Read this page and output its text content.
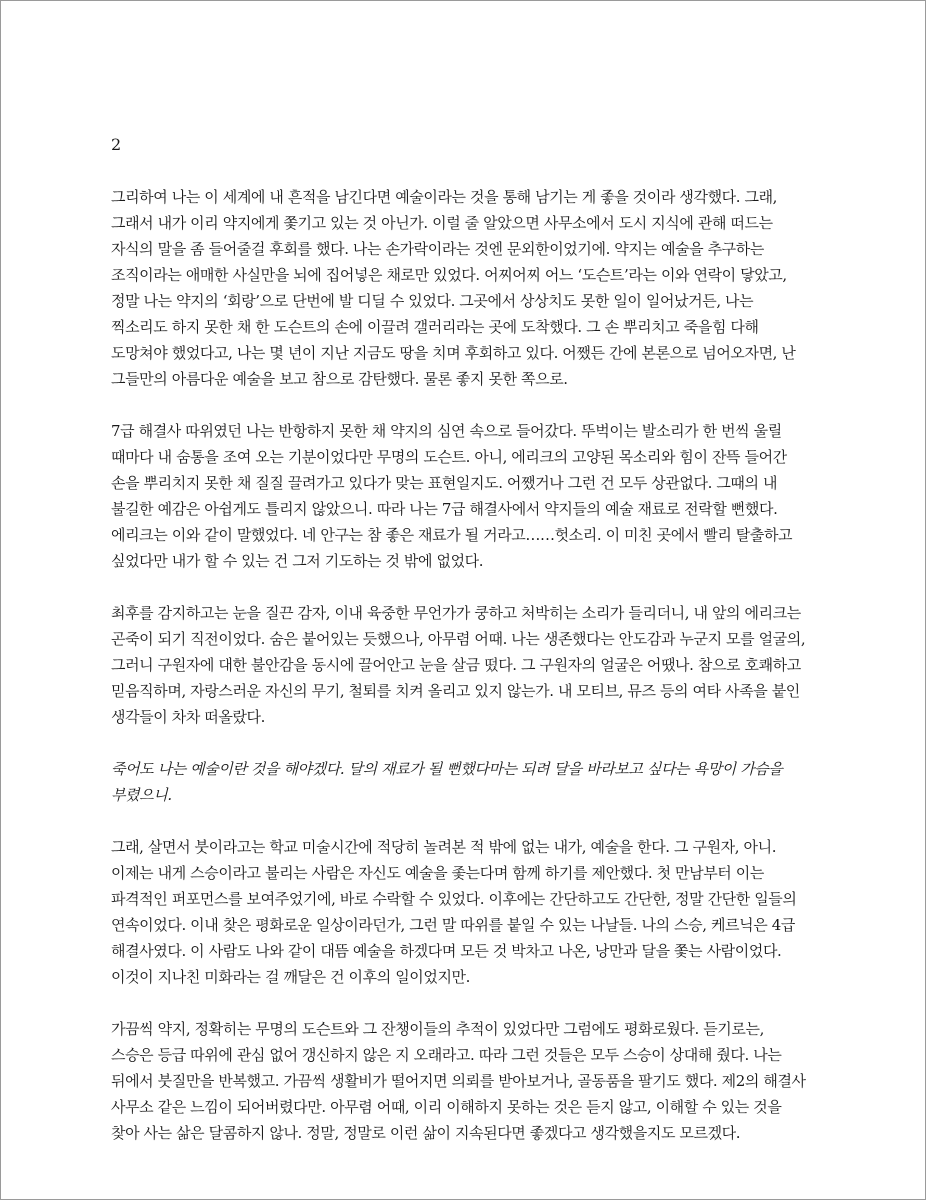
2

그리하여 나는 이 세계에 내 흔적을 남긴다면 예술이라는 것을 통해 남기는 게 좋을 것이라 생각했다. 그래,
그래서 내가 이리 약지에게 쫓기고 있는 것 아닌가. 이럴 줄 알았으면 사무소에서 도시 지식에 관해 떠드는
자식의 말을 좀 들어줄걸 후회를 했다. 나는 손가락이라는 것엔 문외한이었기에. 약지는 예술을 추구하는
조직이라는 애매한 사실만을 뇌에 집어넣은 채로만 있었다. 어찌어찌 어느 ‘도슨트’라는 이와 연락이 닿았고,
정말 나는 약지의 ‘회랑’으로 단번에 발 디딜 수 있었다. 그곳에서 상상치도 못한 일이 일어났거든, 나는
찍소리도 하지 못한 채 한 도슨트의 손에 이끌려 갤러리라는 곳에 도착했다. 그 손 뿌리치고 죽을힘 다해
도망쳐야 했었다고, 나는 몇 년이 지난 지금도 땅을 치며 후회하고 있다. 어쨌든 간에 본론으로 넘어오자면, 난
그들만의 아름다운 예술을 보고 참으로 감탄했다. 물론 좋지 못한 쪽으로.

7급 해결사 따위였던 나는 반항하지 못한 채 약지의 심연 속으로 들어갔다. 뚜벅이는 발소리가 한 번씩 울릴
때마다 내 숨통을 조여 오는 기분이었다만 무명의 도슨트. 아니, 에리크의 고양된 목소리와 힘이 잔뜩 들어간
손을 뿌리치지 못한 채 질질 끌려가고 있다가 맞는 표현일지도. 어쨌거나 그런 건 모두 상관없다. 그때의 내
불길한 예감은 아쉽게도 틀리지 않았으니. 따라 나는 7급 해결사에서 약지들의 예술 재료로 전락할 뻔했다.
에리크는 이와 같이 말했었다. 네 안구는 참 좋은 재료가 될 거라고……헛소리. 이 미친 곳에서 빨리 탈출하고
싶었다만 내가 할 수 있는 건 그저 기도하는 것 밖에 없었다.

최후를 감지하고는 눈을 질끈 감자, 이내 육중한 무언가가 쿵하고 처박히는 소리가 들리더니, 내 앞의 에리크는
곤죽이 되기 직전이었다. 숨은 붙어있는 듯했으나, 아무렴 어때. 나는 생존했다는 안도감과 누군지 모를 얼굴의,
그러니 구원자에 대한 불안감을 동시에 끌어안고 눈을 살금 떴다. 그 구원자의 얼굴은 어땠나. 참으로 호쾌하고
믿음직하며, 자랑스러운 자신의 무기, 철퇴를 치켜 올리고 있지 않는가. 내 모티브, 뮤즈 등의 여타 사족을 붙인
생각들이 차차 떠올랐다.

죽어도 나는 예술이란 것을 해야겠다. 달의 재료가 될 뻔했다마는 되려 달을 바라보고 싶다는 욕망이 가슴을
부렸으니.

그래, 살면서 붓이라고는 학교 미술시간에 적당히 놀려본 적 밖에 없는 내가, 예술을 한다. 그 구원자, 아니.
이제는 내게 스승이라고 불리는 사람은 자신도 예술을 좇는다며 함께 하기를 제안했다. 첫 만남부터 이는
파격적인 퍼포먼스를 보여주었기에, 바로 수락할 수 있었다. 이후에는 간단하고도 간단한, 정말 간단한 일들의
연속이었다. 이내 찾은 평화로운 일상이라던가, 그런 말 따위를 붙일 수 있는 나날들. 나의 스승, 케르닉은 4급
해결사였다. 이 사람도 나와 같이 대뜸 예술을 하겠다며 모든 것 박차고 나온, 낭만과 달을 쫓는 사람이었다.
이것이 지나친 미화라는 걸 깨달은 건 이후의 일이었지만.

가끔씩 약지, 정확히는 무명의 도슨트와 그 잔챙이들의 추적이 있었다만 그럼에도 평화로웠다. 듣기로는,
스승은 등급 따위에 관심 없어 갱신하지 않은 지 오래라고. 따라 그런 것들은 모두 스승이 상대해 줬다. 나는
뒤에서 붓질만을 반복했고. 가끔씩 생활비가 떨어지면 의뢰를 받아보거나, 골동품을 팔기도 했다. 제2의 해결사
사무소 같은 느낌이 되어버렸다만. 아무렴 어때, 이리 이해하지 못하는 것은 듣지 않고, 이해할 수 있는 것을
찾아 사는 삶은 달콤하지 않나. 정말, 정말로 이런 삶이 지속된다면 좋겠다고 생각했을지도 모르겠다.
